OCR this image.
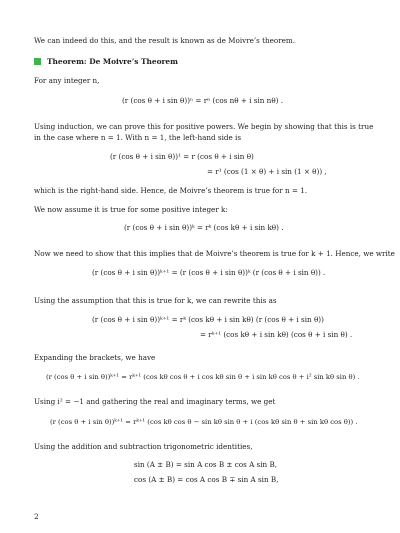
We can indeed do this, and the result is known as de Moivre’s theorem.
Theorem: De Moivre’s Theorem
For any integer n,
(r (cos θ + i sin θ))ⁿ = rⁿ (cos nθ + i sin nθ) .
Using induction, we can prove this for positive powers. We begin by showing that this is true in the case where n = 1. With n = 1, the left-hand side is
(r (cos θ + i sin θ))¹ = r (cos θ + i sin θ)
= r¹ (cos (1 × θ) + i sin (1 × θ)) ,
which is the right-hand side. Hence, de Moivre’s theorem is true for n = 1.
We now assume it is true for some positive integer k:
(r (cos θ + i sin θ))ᵏ = rᵏ (cos kθ + i sin kθ) .
Now we need to show that this implies that de Moivre’s theorem is true for k + 1. Hence, we write
(r (cos θ + i sin θ))ᵏ⁺¹ = (r (cos θ + i sin θ))ᵏ (r (cos θ + i sin θ)) .
Using the assumption that this is true for k, we can rewrite this as
(r (cos θ + i sin θ))ᵏ⁺¹ = rᵏ (cos kθ + i sin kθ) (r (cos θ + i sin θ))
= rᵏ⁺¹ (cos kθ + i sin kθ) (cos θ + i sin θ) .
Expanding the brackets, we have
(r (cos θ + i sin θ))ᵏ⁺¹ = rᵏ⁺¹ (cos kθ cos θ + i cos kθ sin θ + i sin kθ cos θ + i² sin kθ sin θ) .
Using i² = −1 and gathering the real and imaginary terms, we get
(r (cos θ + i sin θ))ᵏ⁺¹ = rᵏ⁺¹ (cos kθ cos θ − sin kθ sin θ + i (cos kθ sin θ + sin kθ cos θ)) .
Using the addition and subtraction trigonometric identities,
sin (A ± B) = sin A cos B ± cos A sin B,
cos (A ± B) = cos A cos B ∓ sin A sin B,
2
